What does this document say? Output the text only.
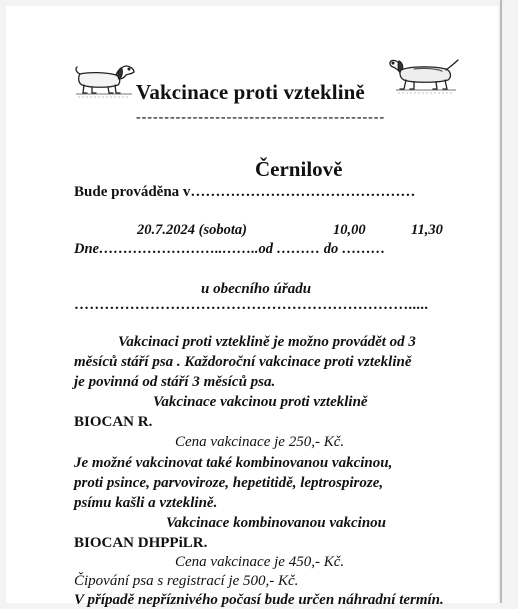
Vakcinace proti vzteklině
--------------------------------------------
Černilově
Bude prováděna v………………………………………
20.7.2024 (sobota)	10,00	11,30
Dne……………………..……..od ……… do ………
u obecního úřadu
………………………………………………………….....
Vakcinaci proti vzteklině je možno provádět od 3
měsíců stáří psa . Každoroční vakcinace proti vzteklině
je povinná od stáří 3 měsíců psa.
Vakcinace vakcinou proti vzteklině
BIOCAN R.
Cena vakcinace je 250,- Kč.
Je možné vakcinovat také kombinovanou vakcinou,
proti psince, parvoviroze, hepetitidě, leptrospiroze,
psímu kašli a vzteklině.
Vakcinace kombinovanou vakcinou
BIOCAN DHPPiLR.
Cena vakcinace je 450,- Kč.
Čipování psa s registrací je 500,- Kč.
V případě nepříznivého počasí bude určen náhradní termín.
